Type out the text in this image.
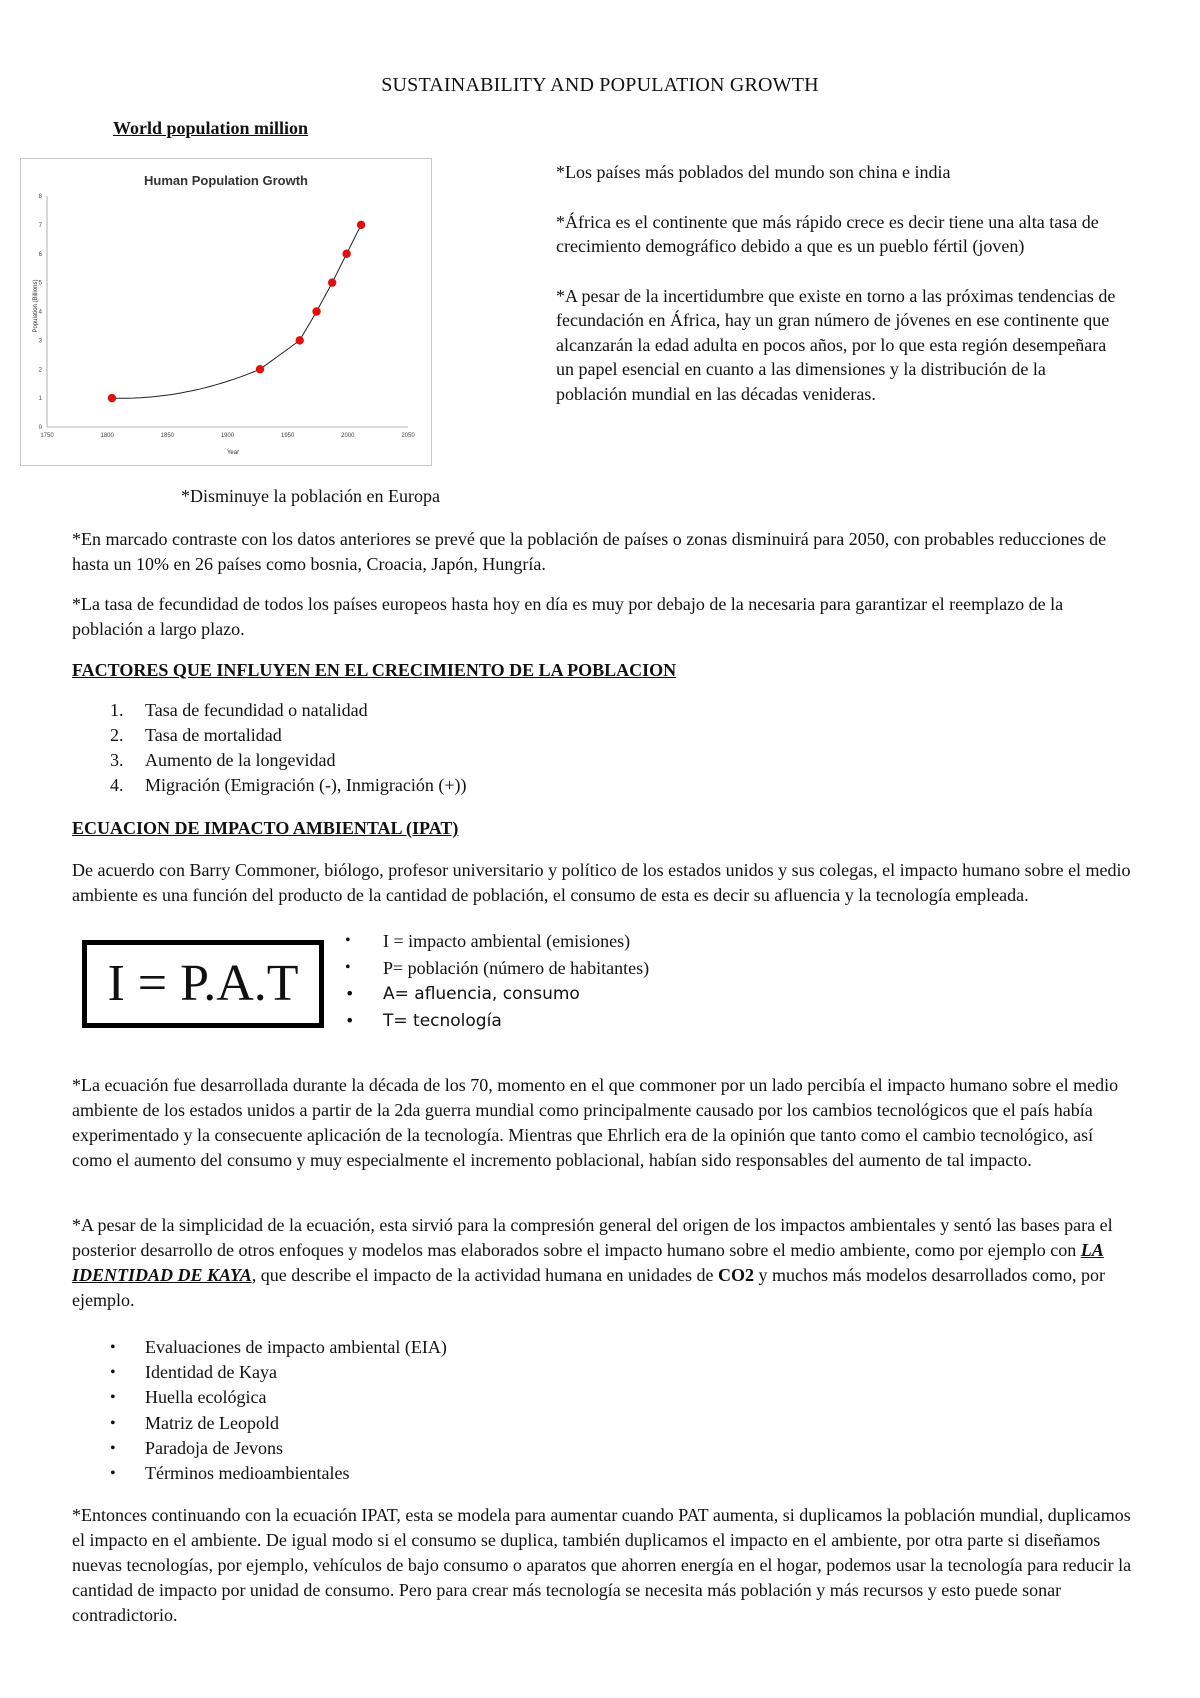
SUSTAINABILITY AND POPULATION GROWTH
World population million
Human Population Growth
Population (Billions)
Year
1750	1800	1850	1900	1950	2000	2050
0
1
2
3
4
5
6
7
8

*Los países más poblados del mundo son china e india

*África es el continente que más rápido crece es decir tiene una alta tasa de crecimiento demográfico debido a que es un pueblo fértil (joven)

*A pesar de la incertidumbre que existe en torno a las próximas tendencias de fecundación en África, hay un gran número de jóvenes en ese continente que alcanzarán la edad adulta en pocos años, por lo que esta región desempeñara un papel esencial en cuanto a las dimensiones y la distribución de la población mundial en las décadas venideras.

*Disminuye la población en Europa

*En marcado contraste con los datos anteriores se prevé que la población de países o zonas disminuirá para 2050, con probables reducciones de hasta un 10% en 26 países como bosnia, Croacia, Japón, Hungría.

*La tasa de fecundidad de todos los países europeos hasta hoy en día es muy por debajo de la necesaria para garantizar el reemplazo de la población a largo plazo.

FACTORES QUE INFLUYEN EN EL CRECIMIENTO DE LA POBLACION
1. Tasa de fecundidad o natalidad
2. Tasa de mortalidad
3. Aumento de la longevidad
4. Migración (Emigración (-), Inmigración (+))
ECUACION DE IMPACTO AMBIENTAL (IPAT)

De acuerdo con Barry Commoner, biólogo, profesor universitario y político de los estados unidos y sus colegas, el impacto humano sobre el medio ambiente es una función del producto de la cantidad de población, el consumo de esta es decir su afluencia y la tecnología empleada.

I = P.A.T
• I = impacto ambiental (emisiones)
• P= población (número de habitantes)
• A= afluencia, consumo
• T= tecnología

*La ecuación fue desarrollada durante la década de los 70, momento en el que commoner por un lado percibía el impacto humano sobre el medio ambiente de los estados unidos a partir de la 2da guerra mundial como principalmente causado por los cambios tecnológicos que el país había experimentado y la consecuente aplicación de la tecnología. Mientras que Ehrlich era de la opinión que tanto como el cambio tecnológico, así como el aumento del consumo y muy especialmente el incremento poblacional, habían sido responsables del aumento de tal impacto.

*A pesar de la simplicidad de la ecuación, esta sirvió para la compresión general del origen de los impactos ambientales y sentó las bases para el posterior desarrollo de otros enfoques y modelos mas elaborados sobre el impacto humano sobre el medio ambiente, como por ejemplo con LA IDENTIDAD DE KAYA, que describe el impacto de la actividad humana en unidades de CO2 y muchos más modelos desarrollados como, por ejemplo.

• Evaluaciones de impacto ambiental (EIA)
• Identidad de Kaya
• Huella ecológica
• Matriz de Leopold
• Paradoja de Jevons
• Términos medioambientales

*Entonces continuando con la ecuación IPAT, esta se modela para aumentar cuando PAT aumenta, si duplicamos la población mundial, duplicamos el impacto en el ambiente. De igual modo si el consumo se duplica, también duplicamos el impacto en el ambiente, por otra parte si diseñamos nuevas tecnologías, por ejemplo, vehículos de bajo consumo o aparatos que ahorren energía en el hogar, podemos usar la tecnología para reducir la cantidad de impacto por unidad de consumo. Pero para crear más tecnología se necesita más población y más recursos y esto puede sonar contradictorio.
